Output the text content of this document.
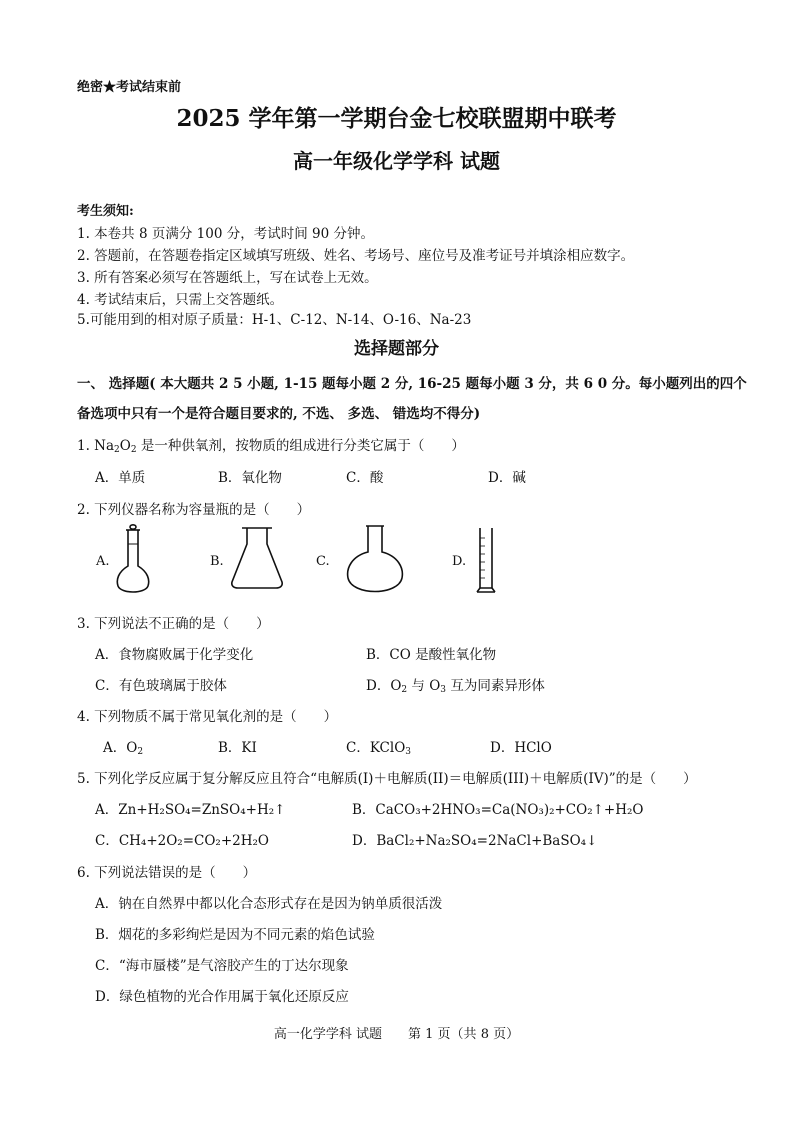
绝密★考试结束前
2025 学年第一学期台金七校联盟期中联考
高一年级化学学科 试题
考生须知:
1. 本卷共 8 页满分 100 分，考试时间 90 分钟。
2. 答题前，在答题卷指定区域填写班级、姓名、考场号、座位号及准考证号并填涂相应数字。
3. 所有答案必须写在答题纸上，写在试卷上无效。
4. 考试结束后，只需上交答题纸。
5.可能用到的相对原子质量：H-1、C-12、N-14、O-16、Na-23
选择题部分
一、 选择题( 本大题共 2 5 小题, 1-15 题每小题 2 分, 16-25 题每小题 3 分，共 6 0 分。每小题列出的四个
备选项中只有一个是符合题目要求的, 不选、 多选、 错选均不得分)
1. $Na_2O_2$ 是一种供氧剂，按物质的组成进行分类它属于（　　）
A．单质	B．氧化物	C．酸	D．碱
2. 下列仪器名称为容量瓶的是（　　）
A.	B.	C.	D.
3. 下列说法不正确的是（　　）
A．食物腐败属于化学变化	B．CO 是酸性氧化物
C．有色玻璃属于胶体	D．$O_2$ 与 $O_3$ 互为同素异形体
4. 下列物质不属于常见氧化剂的是（　　）
A．$O_2$	B．KI	C．KClO$_3$	D．HClO
5. 下列化学反应属于复分解反应且符合“电解质(I)＋电解质(II)＝电解质(III)＋电解质(IV)”的是（　　）
A．Zn+H₂SO₄=ZnSO₄+H₂↑	B．CaCO₃+2HNO₃=Ca(NO₃)₂+CO₂↑+H₂O
C．CH₄+2O₂=CO₂+2H₂O	D．BaCl₂+Na₂SO₄=2NaCl+BaSO₄↓
6. 下列说法错误的是（　　）
A．钠在自然界中都以化合态形式存在是因为钠单质很活泼
B．烟花的多彩绚烂是因为不同元素的焰色试验
C．“海市蜃楼”是气溶胶产生的丁达尔现象
D．绿色植物的光合作用属于氧化还原反应
高一化学学科 试题　　第 1 页（共 8 页）
